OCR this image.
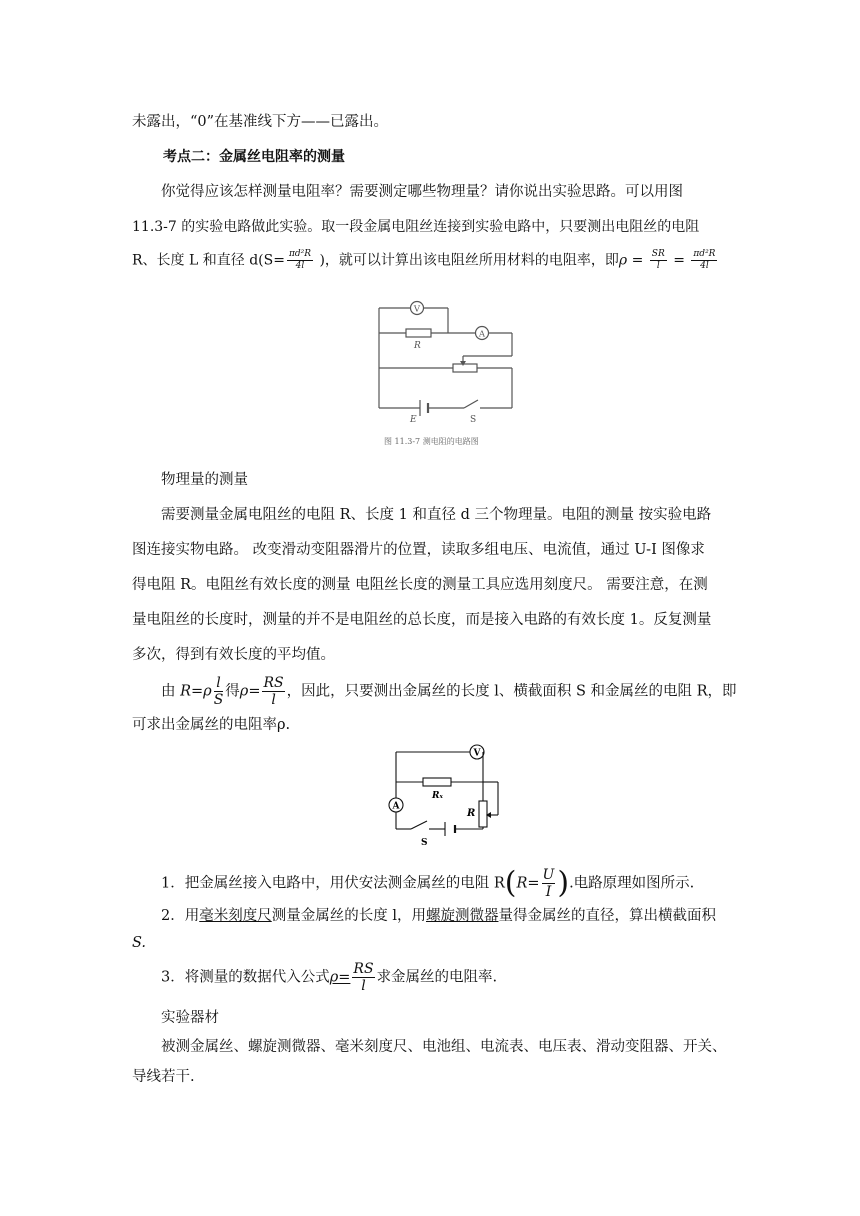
未露出，“0”在基准线下方——已露出。
考点二：金属丝电阻率的测量
你觉得应该怎样测量电阻率？需要测定哪些物理量？请你说出实验思路。可以用图
11.3-7 的实验电路做此实验。取一段金属电阻丝连接到实验电路中，只要测出电阻丝的电阻
R、长度 L 和直径 $d(S= \frac{\text{πd²R}}{4l}$ )，就可以计算出该电阻丝所用材料的电阻率，即$\rho = \frac{SR}{l} = \frac{\text{πd²R}}{4l}$
V
A
R
E	S
图 11.3-7 测电阻的电路图
物理量的测量
需要测量金属电阻丝的电阻 R、长度 1 和直径 d 三个物理量。电阻的测量 按实验电路
图连接实物电路。 改变滑动变阻器滑片的位置，读取多组电压、电流值，通过 U-I 图像求
得电阻 R。电阻丝有效长度的测量 电阻丝长度的测量工具应选用刻度尺。 需要注意，在测
量电阻丝的长度时，测量的并不是电阻丝的总长度，而是接入电路的有效长度 1。反复测量
多次，得到有效长度的平均值。
由 $R=\rho \frac{l}{S}$ 得$\rho= \frac{RS}{l}$ ，因此，只要测出金属丝的长度 l、横截面积 S 和金属丝的电阻 R，即
可求出金属丝的电阻率ρ.
V
A
Rₓ
R
S
1．把金属丝接入电路中，用伏安法测金属丝的电阻 $R(R= \frac{U}{I}$ ).电路原理如图所示.
2．用毫米刻度尺测量金属丝的长度 l，用螺旋测微器量得金属丝的直径，算出横截面积
S.
3．将测量的数据代入公式$\rho= \frac{RS}{l}$ 求金属丝的电阻率.
实验器材
被测金属丝、螺旋测微器、毫米刻度尺、电池组、电流表、电压表、滑动变阻器、开关、
导线若干.
